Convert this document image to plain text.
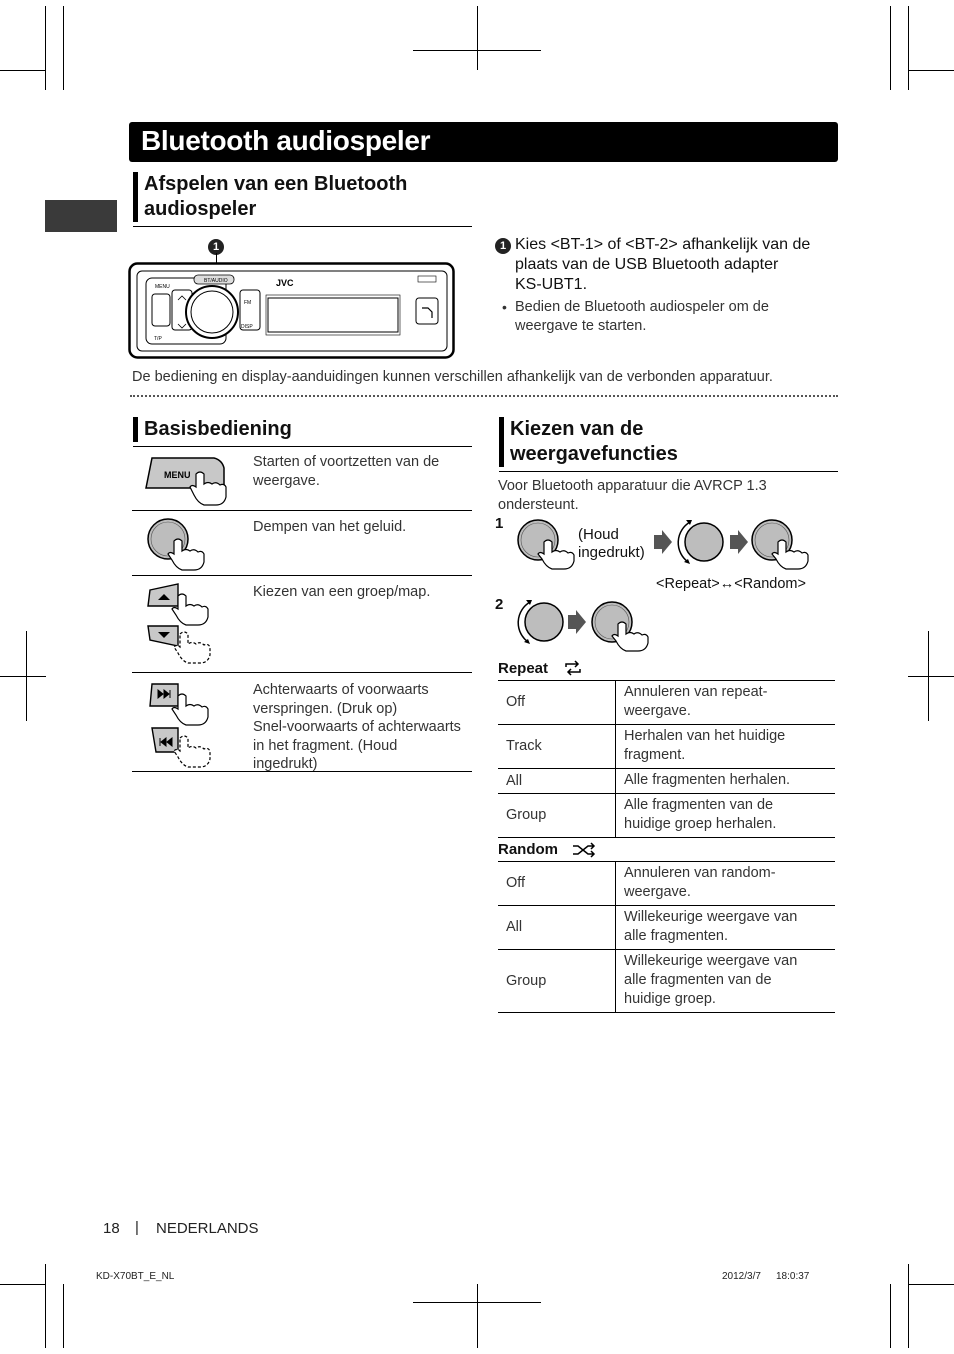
Bluetooth audiospeler
Afspelen van een Bluetooth
audiospeler
1
BT/AUDIO	JVC
MENU
T/P
FM
DISP
1 Kies <BT-1> of <BT-2> afhankelijk van de
plaats van de USB Bluetooth adapter
KS-UBT1.
• Bedien de Bluetooth audiospeler om de
weergave te starten.
De bediening en display-aanduidingen kunnen verschillen afhankelijk van de verbonden apparatuur.
Basisbediening
MENU
Starten of voortzetten van de
weergave.
Dempen van het geluid.
Kiezen van een groep/map.
Achterwaarts of voorwaarts
verspringen. (Druk op)
Snel-voorwaarts of achterwaarts
in het fragment. (Houd
ingedrukt)
Kiezen van de
weergavefuncties
Voor Bluetooth apparatuur die AVRCP 1.3
ondersteunt.
1
(Houd
ingedrukt)
<Repeat>↔<Random>
2
Repeat
Off	Annuleren van repeat-
weergave.

Track	Herhalen van het huidige
fragment.

All	Alle fragmenten herhalen.

Group	Alle fragmenten van de
huidige groep herhalen.
Random
Off	Annuleren van random-
weergave.

All	Willekeurige weergave van
alle fragmenten.

Group	Willekeurige weergave van
alle fragmenten van de
huidige groep.
18 | NEDERLANDS
KD-X70BT_E_NL	2012/3/7 18:0:37
